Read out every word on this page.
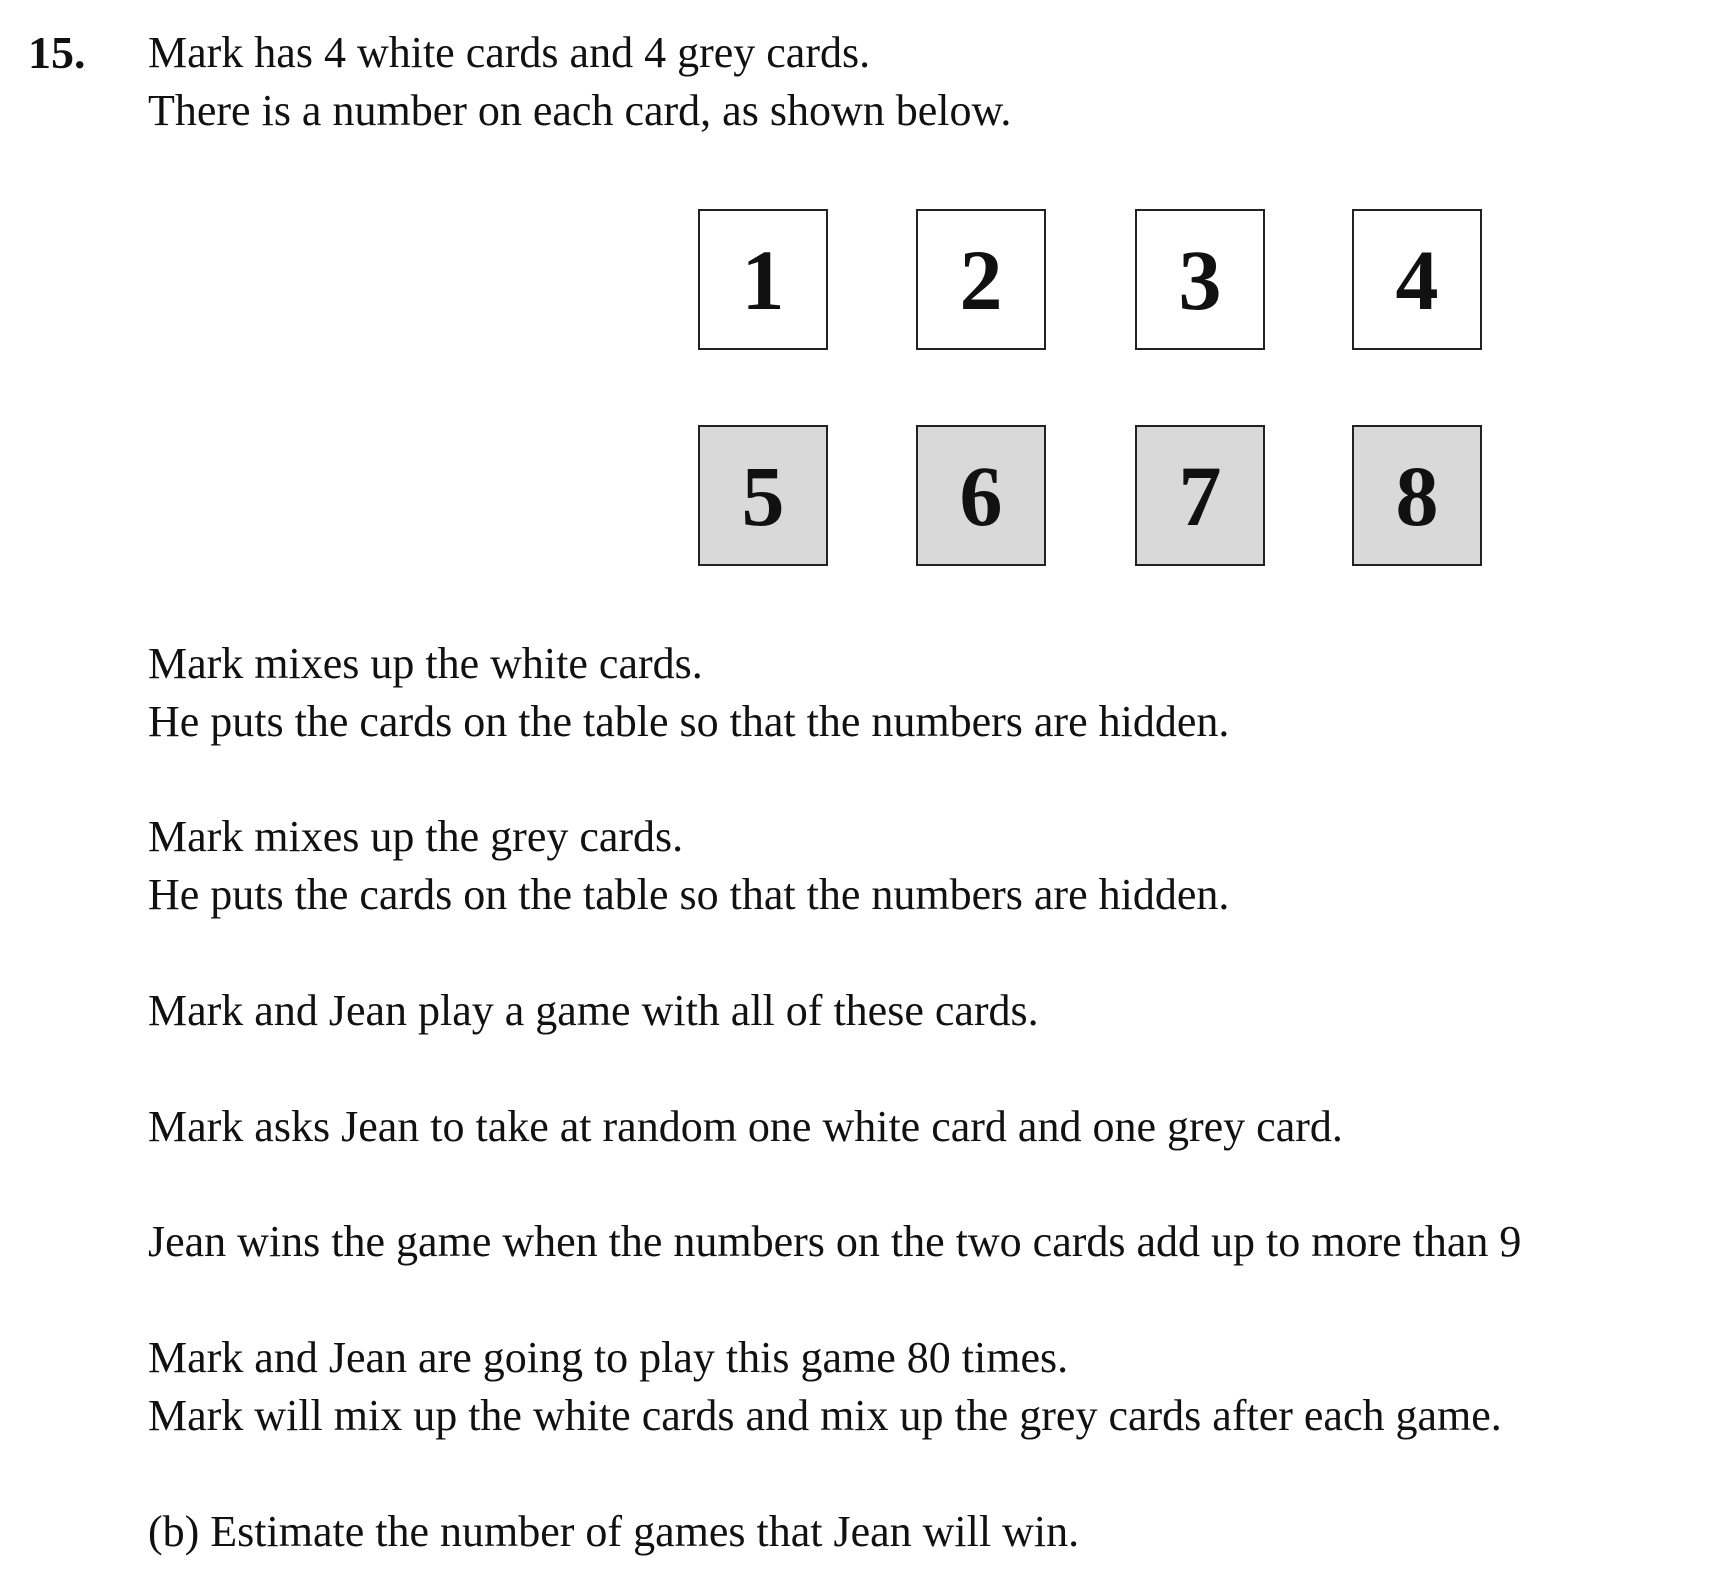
15. Mark has 4 white cards and 4 grey cards.
There is a number on each card, as shown below.
1	2	3	4
5	6	7	8
Mark mixes up the white cards.
He puts the cards on the table so that the numbers are hidden.
Mark mixes up the grey cards.
He puts the cards on the table so that the numbers are hidden.
Mark and Jean play a game with all of these cards.
Mark asks Jean to take at random one white card and one grey card.
Jean wins the game when the numbers on the two cards add up to more than 9
Mark and Jean are going to play this game 80 times.
Mark will mix up the white cards and mix up the grey cards after each game.
(b) Estimate the number of games that Jean will win.
